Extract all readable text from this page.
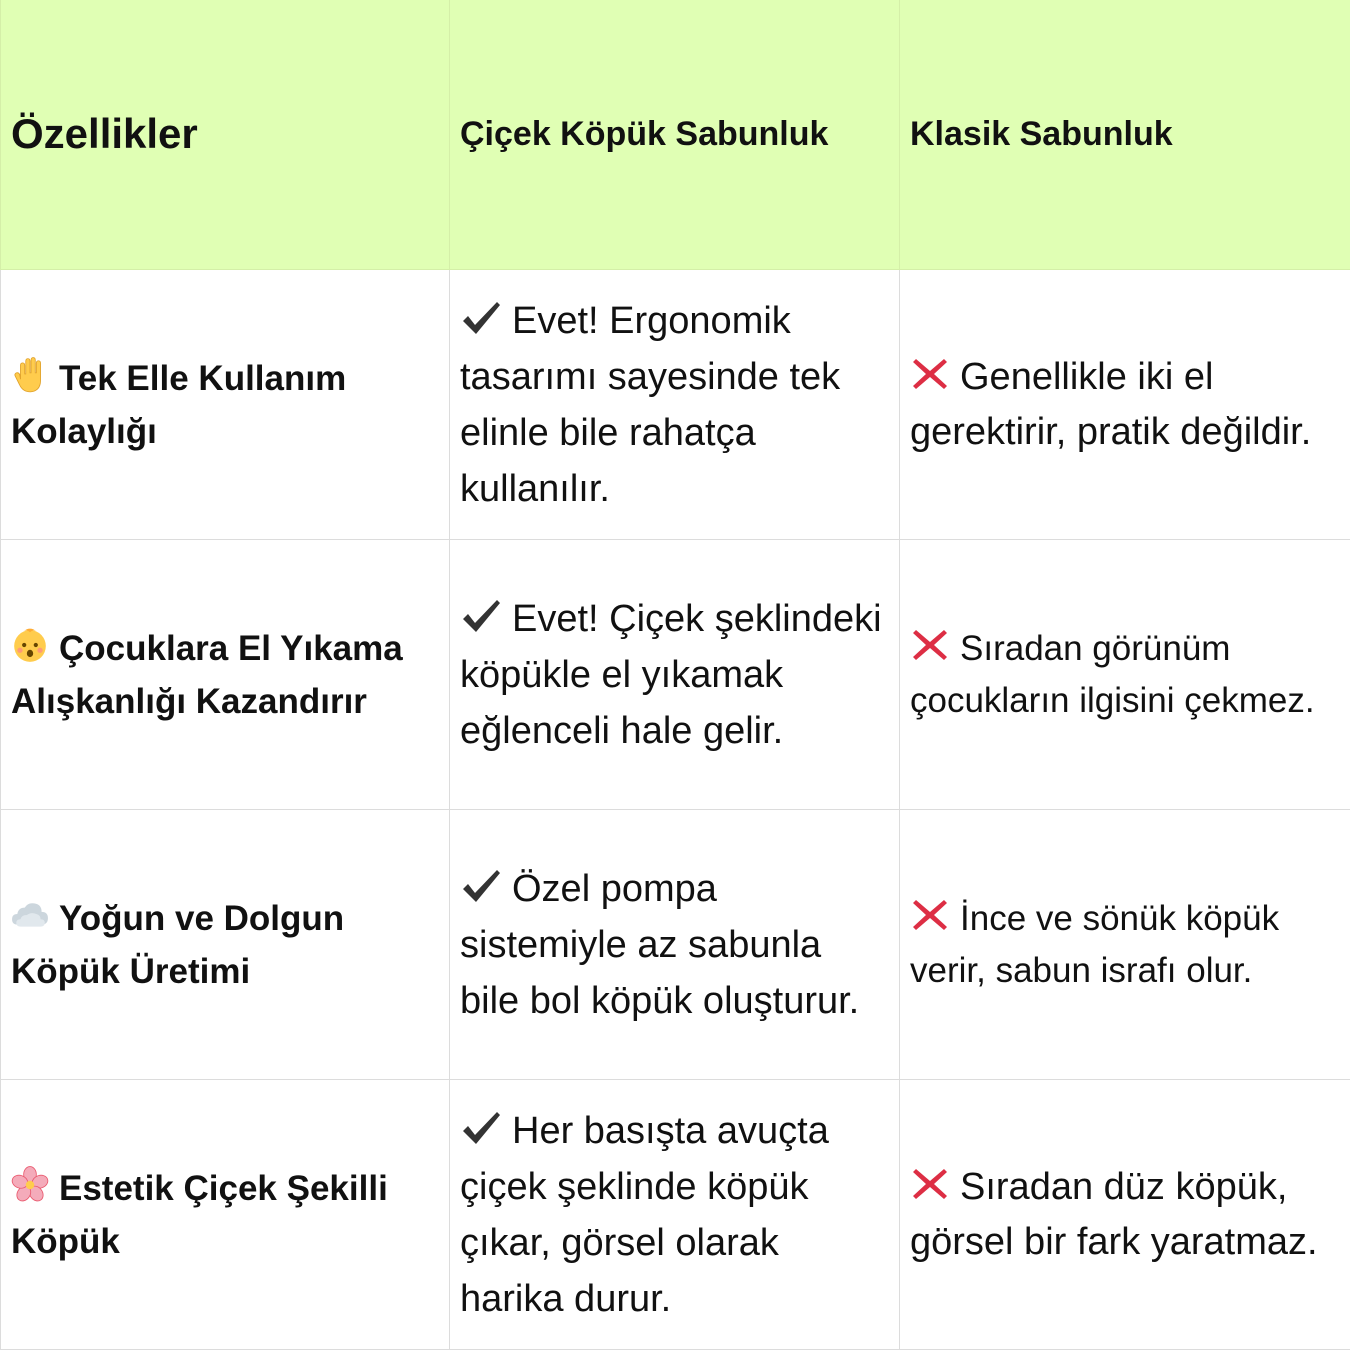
Özellikler	Çiçek Köpük Sabunluk Klasik Sabunluk
Tek Elle Kullanım Kolaylığı
Evet! Ergonomik tasarımı sayesinde tek elinle bile rahatça kullanılır.
Genellikle iki el gerektirir, pratik değildir.
Çocuklara El Yıkama Alışkanlığı Kazandırır
Evet! Çiçek şeklindeki köpükle el yıkamak eğlenceli hale gelir.
Sıradan görünüm çocukların ilgisini çekmez.
Yoğun ve Dolgun Köpük Üretimi
Özel pompa sistemiyle az sabunla bile bol köpük oluşturur.
İnce ve sönük köpük verir, sabun israfı olur.
Estetik Çiçek Şekilli Köpük
Her basışta avuçta çiçek şeklinde köpük çıkar, görsel olarak harika durur.
Sıradan düz köpük, görsel bir fark yaratmaz.
